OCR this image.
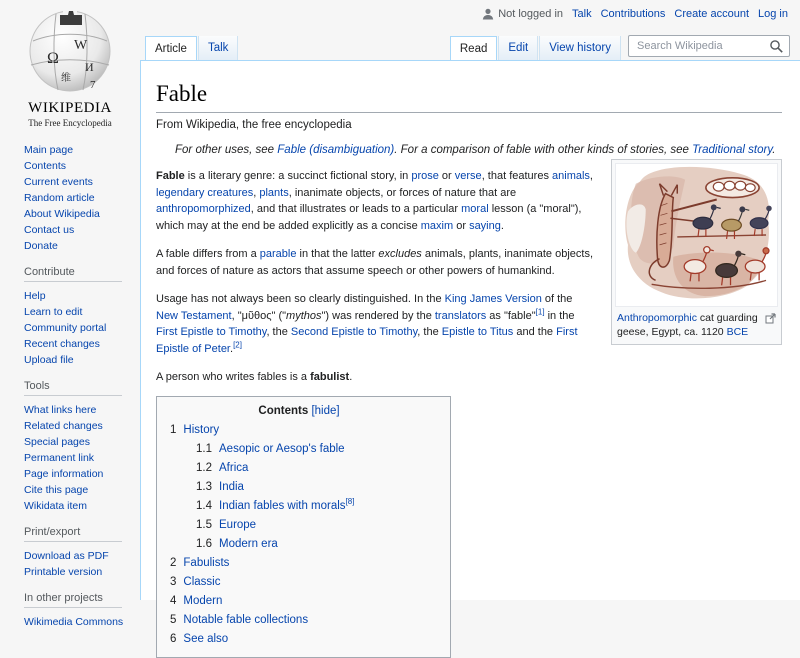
Ω
W
И
7
维
WIKIPEDIA
The Free Encyclopedia
Main page
Contents
Current events
Random article
About Wikipedia
Contact us
Donate
Contribute
Help
Learn to edit
Community portal
Recent changes
Upload file
Tools
What links here
Related changes
Special pages
Permanent link
Page information
Cite this page
Wikidata item
Print/export
Download as PDF
Printable version
In other projects
Wikimedia Commons
Not logged in Talk Contributions Create account Log in
Article	Talk	Read	Edit	View history
Search Wikipedia
Fable
From Wikipedia, the free encyclopedia
For other uses, see Fable (disambiguation). For a comparison of fable with other kinds of stories, see Traditional story.
Anthropomorphic cat guarding geese, Egypt, ca. 1120 BCE
Fable is a literary genre: a succinct fictional story, in prose or verse, that features animals, legendary creatures, plants, inanimate objects, or forces of nature that are anthropomorphized, and that illustrates or leads to a particular moral lesson (a "moral"), which may at the end be added explicitly as a concise maxim or saying.
A fable differs from a parable in that the latter excludes animals, plants, inanimate objects, and forces of nature as actors that assume speech or other powers of humankind.
Usage has not always been so clearly distinguished. In the King James Version of the New Testament, "μῦθος" ("mythos") was rendered by the translators as "fable"[1] in the First Epistle to Timothy, the Second Epistle to Timothy, the Epistle to Titus and the First Epistle of Peter.[2]
A person who writes fables is a fabulist.
Contents [hide]
1 History
1.1 Aesopic or Aesop's fable
1.2 Africa
1.3 India
1.4 Indian fables with morals[8]
1.5 Europe
1.6 Modern era
2 Fabulists
3 Classic
4 Modern
5 Notable fable collections
6 See also
